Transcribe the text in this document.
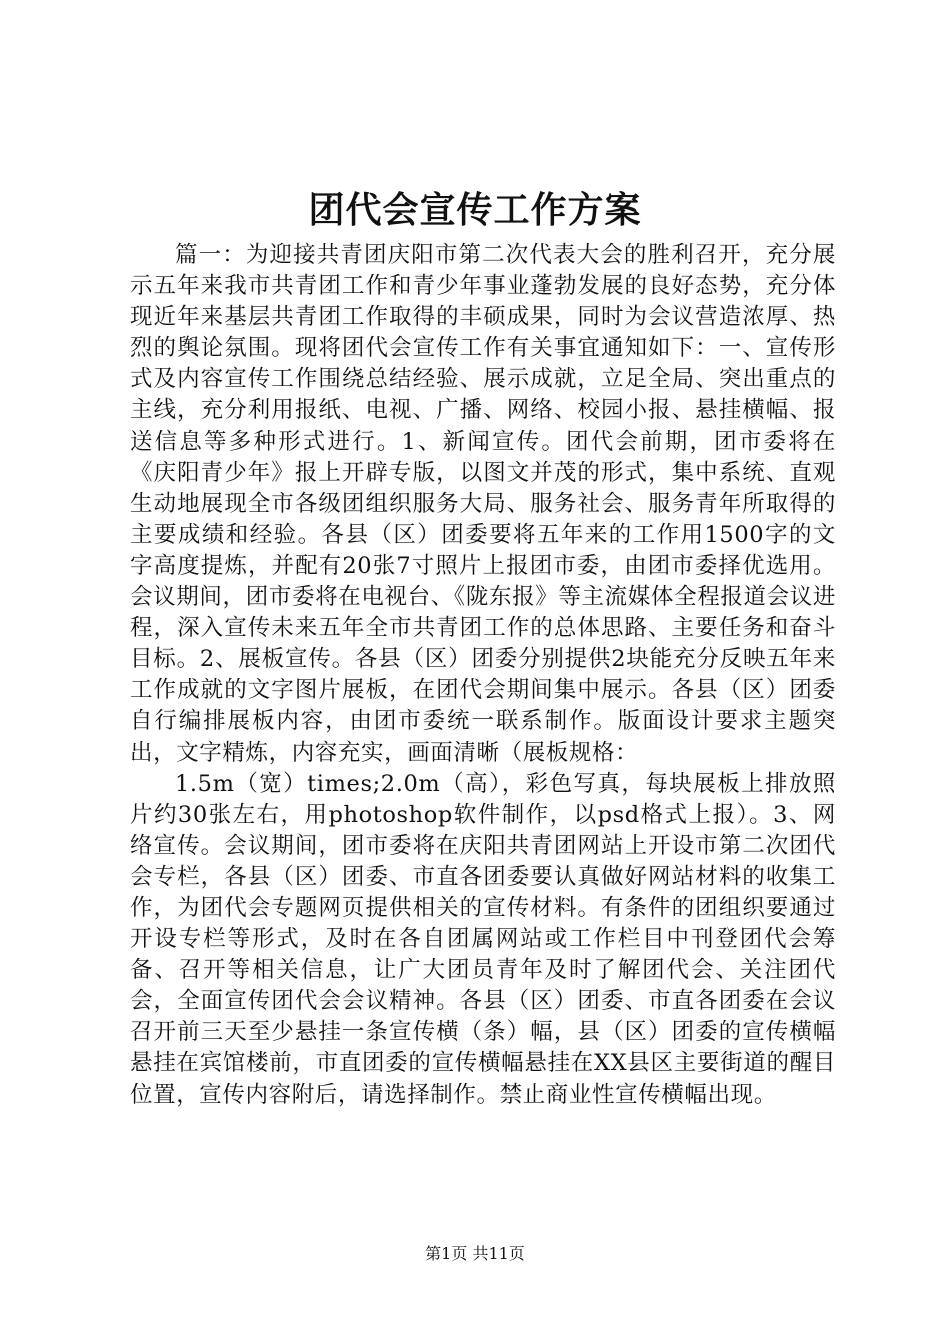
团代会宣传工作方案

篇一：为迎接共青团庆阳市第二次代表大会的胜利召开，充分展示五年来我市共青团工作和青少年事业蓬勃发展的良好态势，充分体现近年来基层共青团工作取得的丰硕成果，同时为会议营造浓厚、热烈的舆论氛围。现将团代会宣传工作有关事宜通知如下：一、宣传形式及内容宣传工作围绕总结经验、展示成就，立足全局、突出重点的主线，充分利用报纸、电视、广播、网络、校园小报、悬挂横幅、报送信息等多种形式进行。1、新闻宣传。团代会前期，团市委将在《庆阳青少年》报上开辟专版，以图文并茂的形式，集中系统、直观生动地展现全市各级团组织服务大局、服务社会、服务青年所取得的主要成绩和经验。各县（区）团委要将五年来的工作用1500字的文字高度提炼，并配有20张7寸照片上报团市委，由团市委择优选用。会议期间，团市委将在电视台、《陇东报》等主流媒体全程报道会议进程，深入宣传未来五年全市共青团工作的总体思路、主要任务和奋斗目标。2、展板宣传。各县（区）团委分别提供2块能充分反映五年来工作成就的文字图片展板，在团代会期间集中展示。各县（区）团委自行编排展板内容，由团市委统一联系制作。版面设计要求主题突出，文字精炼，内容充实，画面清晰（展板规格：

1.5m（宽）times;2.0m（高），彩色写真，每块展板上排放照片约30张左右，用photoshop软件制作，以psd格式上报）。3、网络宣传。会议期间，团市委将在庆阳共青团网站上开设市第二次团代会专栏，各县（区）团委、市直各团委要认真做好网站材料的收集工作，为团代会专题网页提供相关的宣传材料。有条件的团组织要通过开设专栏等形式，及时在各自团属网站或工作栏目中刊登团代会筹备、召开等相关信息，让广大团员青年及时了解团代会、关注团代会，全面宣传团代会会议精神。各县（区）团委、市直各团委在会议召开前三天至少悬挂一条宣传横（条）幅，县（区）团委的宣传横幅悬挂在宾馆楼前，市直团委的宣传横幅悬挂在XX县区主要街道的醒目位置，宣传内容附后，请选择制作。禁止商业性宣传横幅出现。

第1页 共11页
